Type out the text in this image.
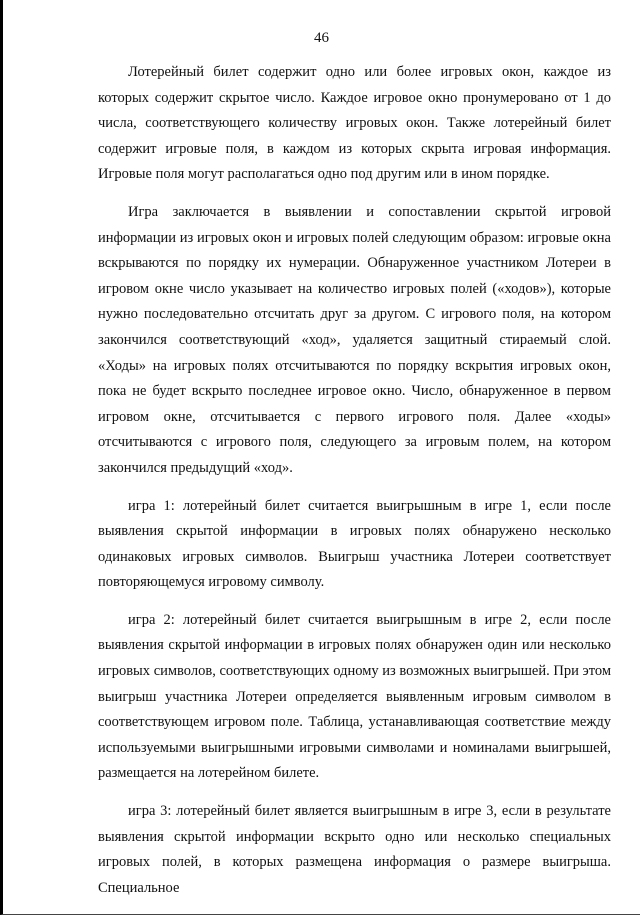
46

Лотерейный билет содержит одно или более игровых окон, каждое из которых содержит скрытое число. Каждое игровое окно пронумеровано от 1 до числа, соответствующего количеству игровых окон. Также лотерейный билет содержит игровые поля, в каждом из которых скрыта игровая информация. Игровые поля могут располагаться одно под другим или в ином порядке.

Игра заключается в выявлении и сопоставлении скрытой игровой информации из игровых окон и игровых полей следующим образом: игровые окна вскрываются по порядку их нумерации. Обнаруженное участником Лотереи в игровом окне число указывает на количество игровых полей («ходов»), которые нужно последовательно отсчитать друг за другом. С игрового поля, на котором закончился соответствующий «ход», удаляется защитный стираемый слой. «Ходы» на игровых полях отсчитываются по порядку вскрытия игровых окон, пока не будет вскрыто последнее игровое окно. Число, обнаруженное в первом игровом окне, отсчитывается с первого игрового поля. Далее «ходы» отсчитываются с игрового поля, следующего за игровым полем, на котором закончился предыдущий «ход».

игра 1: лотерейный билет считается выигрышным в игре 1, если после выявления скрытой информации в игровых полях обнаружено несколько одинаковых игровых символов. Выигрыш участника Лотереи соответствует повторяющемуся игровому символу.

игра 2: лотерейный билет считается выигрышным в игре 2, если после выявления скрытой информации в игровых полях обнаружен один или несколько игровых символов, соответствующих одному из возможных выигрышей. При этом выигрыш участника Лотереи определяется выявленным игровым символом в соответствующем игровом поле. Таблица, устанавливающая соответствие между используемыми выигрышными игровыми символами и номиналами выигрышей, размещается на лотерейном билете.

игра 3: лотерейный билет является выигрышным в игре 3, если в результате выявления скрытой информации вскрыто одно или несколько специальных игровых полей, в которых размещена информация о размере выигрыша. Специальное
